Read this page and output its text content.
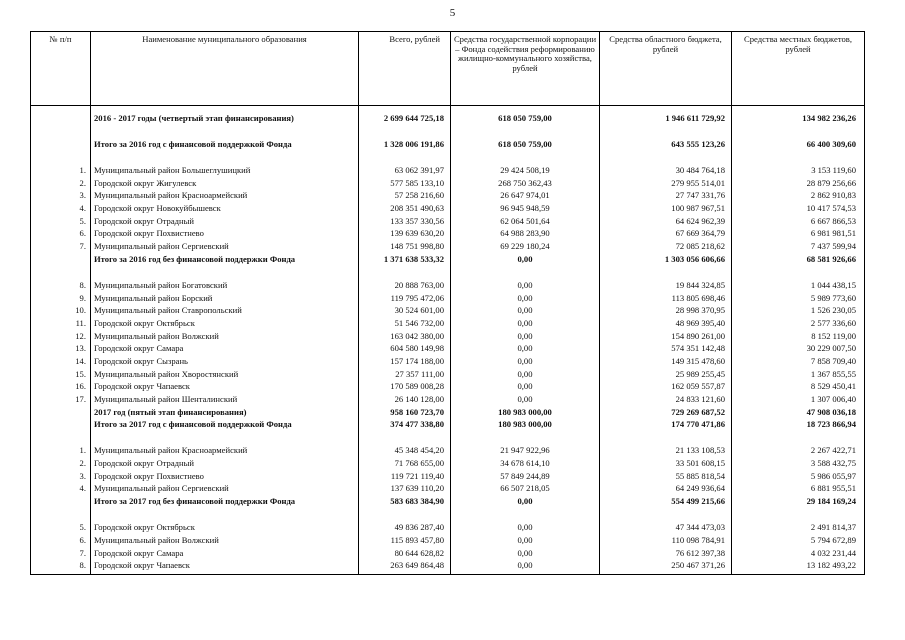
5
№ п/п	Наименование муниципального образования	Всего, рублей	Средства государственной корпорации – Фонда содействия реформированию жилищно-коммунального хозяйства, рублей	Средства областного бюджета, рублей	Средства местных бюджетов, рублей
	2016 - 2017 годы (четвертый этап финансирования)	2 699 644 725,18	618 050 759,00	1 946 611 729,92	134 982 236,26
	Итого за 2016 год с финансовой поддержкой Фонда	1 328 006 191,86	618 050 759,00	643 555 123,26	66 400 309,60
1.	Муниципальный район Большеглушицкий	63 062 391,97	29 424 508,19	30 484 764,18	3 153 119,60
2.	Городской округ Жигулевск	577 585 133,10	268 750 362,43	279 955 514,01	28 879 256,66
3.	Муниципальный район Красноармейский	57 258 216,60	26 647 974,01	27 747 331,76	2 862 910,83
4.	Городской округ Новокуйбышевск	208 351 490,63	96 945 948,59	100 987 967,51	10 417 574,53
5.	Городской округ Отрадный	133 357 330,56	62 064 501,64	64 624 962,39	6 667 866,53
6.	Городской округ Похвистнево	139 639 630,20	64 988 283,90	67 669 364,79	6 981 981,51
7.	Муниципальный район Сергиевский	148 751 998,80	69 229 180,24	72 085 218,62	7 437 599,94
	Итого за 2016 год без финансовой поддержки Фонда	1 371 638 533,32	0,00	1 303 056 606,66	68 581 926,66
8.	Муниципальный район Богатовский	20 888 763,00	0,00	19 844 324,85	1 044 438,15
9.	Муниципальный район Борский	119 795 472,06	0,00	113 805 698,46	5 989 773,60
10.	Муниципальный район Ставропольский	30 524 601,00	0,00	28 998 370,95	1 526 230,05
11.	Городской округ Октябрьск	51 546 732,00	0,00	48 969 395,40	2 577 336,60
12.	Муниципальный район Волжский	163 042 380,00	0,00	154 890 261,00	8 152 119,00
13.	Городской округ Самара	604 580 149,98	0,00	574 351 142,48	30 229 007,50
14.	Городской округ Сызрань	157 174 188,00	0,00	149 315 478,60	7 858 709,40
15.	Муниципальный район Хворостянский	27 357 111,00	0,00	25 989 255,45	1 367 855,55
16.	Городской округ Чапаевск	170 589 008,28	0,00	162 059 557,87	8 529 450,41
17.	Муниципальный район Шенталинский	26 140 128,00	0,00	24 833 121,60	1 307 006,40
	2017 год (пятый этап финансирования)	958 160 723,70	180 983 000,00	729 269 687,52	47 908 036,18
	Итого за 2017 год с финансовой поддержкой Фонда	374 477 338,80	180 983 000,00	174 770 471,86	18 723 866,94
1.	Муниципальный район Красноармейский	45 348 454,20	21 947 922,96	21 133 108,53	2 267 422,71
2.	Городской округ Отрадный	71 768 655,00	34 678 614,10	33 501 608,15	3 588 432,75
3.	Городской округ Похвистнево	119 721 119,40	57 849 244,89	55 885 818,54	5 986 055,97
4.	Муниципальный район Сергиевский	137 639 110,20	66 507 218,05	64 249 936,64	6 881 955,51
	Итого за 2017 год без финансовой поддержки Фонда	583 683 384,90	0,00	554 499 215,66	29 184 169,24
5.	Городской округ Октябрьск	49 836 287,40	0,00	47 344 473,03	2 491 814,37
6.	Муниципальный район Волжский	115 893 457,80	0,00	110 098 784,91	5 794 672,89
7.	Городской округ Самара	80 644 628,82	0,00	76 612 397,38	4 032 231,44
8.	Городской округ Чапаевск	263 649 864,48	0,00	250 467 371,26	13 182 493,22
